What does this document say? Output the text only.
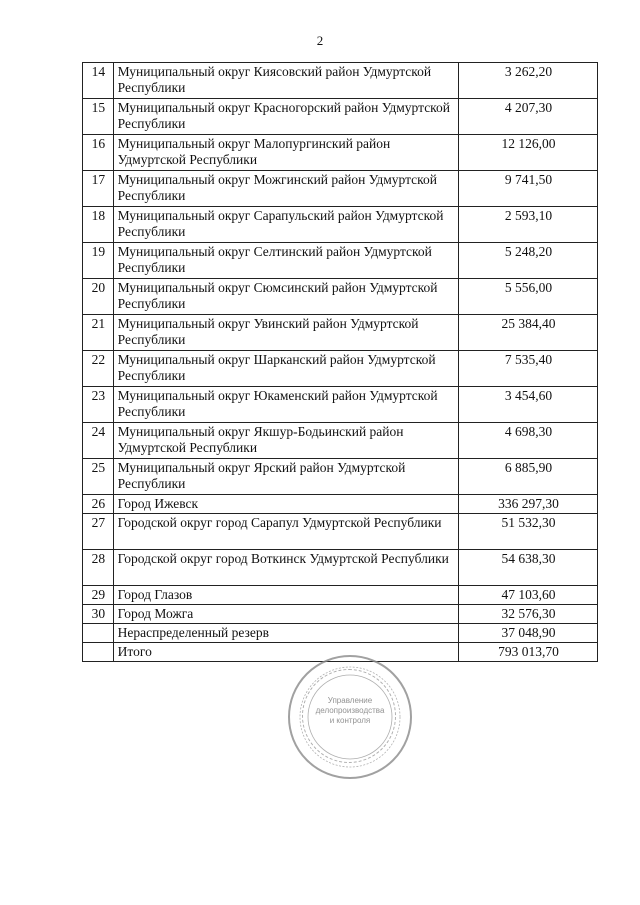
2
14	Муниципальный округ Киясовский район Удмуртской Республики	3 262,20
15	Муниципальный округ Красногорский район Удмуртской Республики	4 207,30
16	Муниципальный округ Малопургинский район Удмуртской Республики	12 126,00
17	Муниципальный округ Можгинский район Удмуртской Республики	9 741,50
18	Муниципальный округ Сарапульский район Удмуртской Республики	2 593,10
19	Муниципальный округ Селтинский район Удмуртской Республики	5 248,20
20	Муниципальный округ Сюмсинский район Удмуртской Республики	5 556,00
21	Муниципальный округ Увинский район Удмуртской Республики	25 384,40
22	Муниципальный округ Шарканский район Удмуртской Республики	7 535,40
23	Муниципальный округ Юкаменский район Удмуртской Республики	3 454,60
24	Муниципальный округ Якшур-Бодьинский район Удмуртской Республики	4 698,30
25	Муниципальный округ Ярский район Удмуртской Республики	6 885,90
26	Город Ижевск	336 297,30
27	Городской округ город Сарапул Удмуртской Республики	51 532,30
28	Городской округ город Воткинск Удмуртской Республики	54 638,30
29	Город Глазов	47 103,60
30	Город Можга	32 576,30
	Нераспределенный резерв	37 048,90
	Итого	793 013,70
Управление
делопроизводства
и контроля
